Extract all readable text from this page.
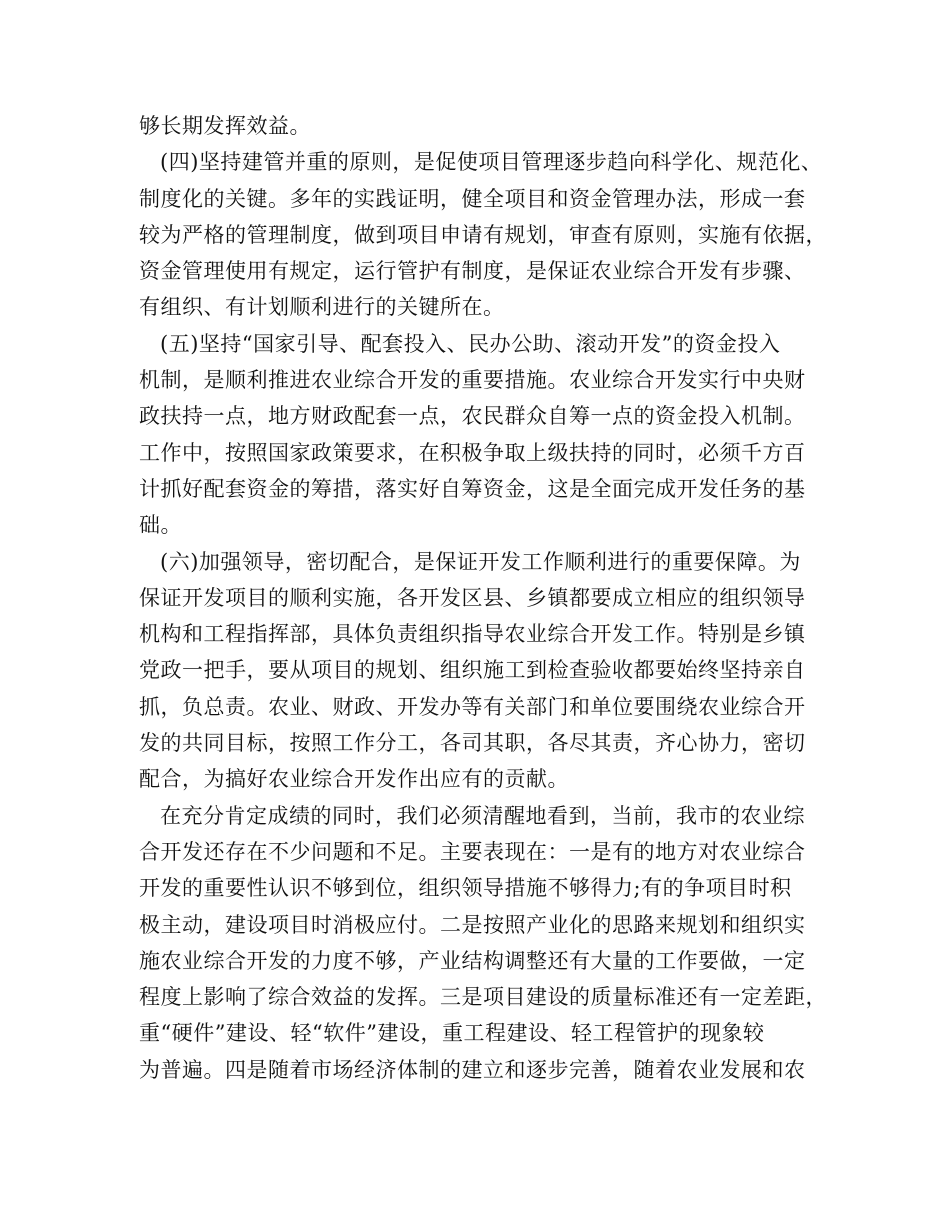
够长期发挥效益。
(四)坚持建管并重的原则，是促使项目管理逐步趋向科学化、规范化、
制度化的关键。多年的实践证明，健全项目和资金管理办法，形成一套
较为严格的管理制度，做到项目申请有规划，审查有原则，实施有依据，
资金管理使用有规定，运行管护有制度，是保证农业综合开发有步骤、
有组织、有计划顺利进行的关键所在。
(五)坚持“国家引导、配套投入、民办公助、滚动开发”的资金投入
机制，是顺利推进农业综合开发的重要措施。农业综合开发实行中央财
政扶持一点，地方财政配套一点，农民群众自筹一点的资金投入机制。
工作中，按照国家政策要求，在积极争取上级扶持的同时，必须千方百
计抓好配套资金的筹措，落实好自筹资金，这是全面完成开发任务的基
础。
(六)加强领导，密切配合，是保证开发工作顺利进行的重要保障。为
保证开发项目的顺利实施，各开发区县、乡镇都要成立相应的组织领导
机构和工程指挥部，具体负责组织指导农业综合开发工作。特别是乡镇
党政一把手，要从项目的规划、组织施工到检查验收都要始终坚持亲自
抓，负总责。农业、财政、开发办等有关部门和单位要围绕农业综合开
发的共同目标，按照工作分工，各司其职，各尽其责，齐心协力，密切
配合，为搞好农业综合开发作出应有的贡献。
在充分肯定成绩的同时，我们必须清醒地看到，当前，我市的农业综
合开发还存在不少问题和不足。主要表现在：一是有的地方对农业综合
开发的重要性认识不够到位，组织领导措施不够得力;有的争项目时积
极主动，建设项目时消极应付。二是按照产业化的思路来规划和组织实
施农业综合开发的力度不够，产业结构调整还有大量的工作要做，一定
程度上影响了综合效益的发挥。三是项目建设的质量标准还有一定差距，
重“硬件”建设、轻“软件”建设，重工程建设、轻工程管护的现象较
为普遍。四是随着市场经济体制的建立和逐步完善，随着农业发展和农
